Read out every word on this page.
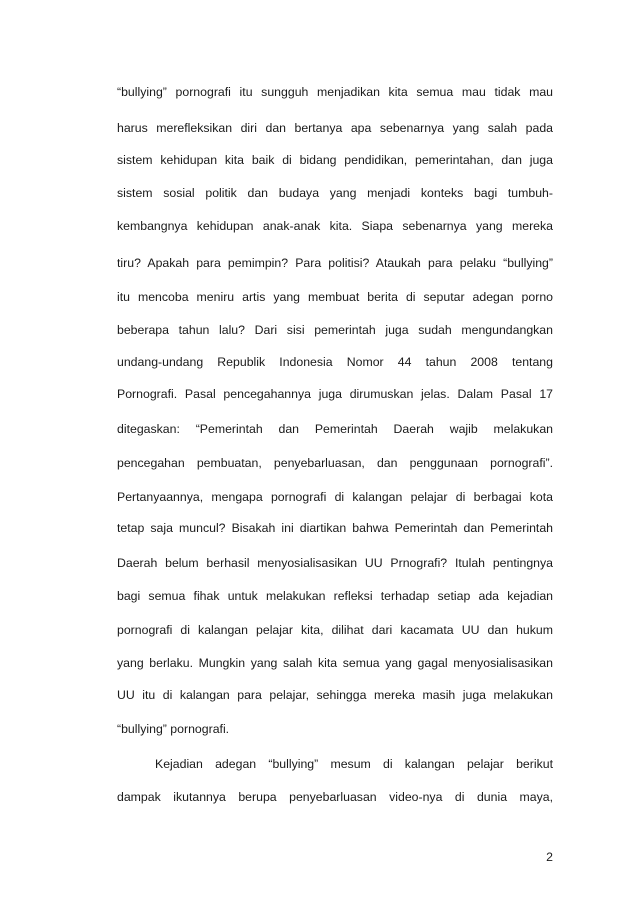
“bullying” pornografi itu sungguh menjadikan kita semua mau tidak mau
harus merefleksikan diri dan bertanya apa sebenarnya yang salah pada
sistem kehidupan kita baik di bidang pendidikan, pemerintahan, dan juga
sistem sosial politik dan budaya yang menjadi konteks bagi tumbuh-
kembangnya kehidupan anak-anak kita. Siapa sebenarnya yang mereka
tiru? Apakah para pemimpin? Para politisi? Ataukah para pelaku “bullying”
itu mencoba meniru artis yang membuat berita di seputar adegan porno
beberapa tahun lalu? Dari sisi pemerintah juga sudah mengundangkan
undang-undang Republik Indonesia Nomor 44 tahun 2008 tentang
Pornografi. Pasal pencegahannya juga dirumuskan jelas. Dalam Pasal 17
ditegaskan: “Pemerintah dan Pemerintah Daerah wajib melakukan
pencegahan pembuatan, penyebarluasan, dan penggunaan pornografi”.
Pertanyaannya, mengapa pornografi di kalangan pelajar di berbagai kota
tetap saja muncul? Bisakah ini diartikan bahwa Pemerintah dan Pemerintah
Daerah belum berhasil menyosialisasikan UU Prnografi? Itulah pentingnya
bagi semua fihak untuk melakukan refleksi terhadap setiap ada kejadian
pornografi di kalangan pelajar kita, dilihat dari kacamata UU dan hukum
yang berlaku. Mungkin yang salah kita semua yang gagal menyosialisasikan
UU itu di kalangan para pelajar, sehingga mereka masih juga melakukan
“bullying” pornografi.
Kejadian adegan “bullying” mesum di kalangan pelajar berikut
dampak ikutannya berupa penyebarluasan video-nya di dunia maya,
2
